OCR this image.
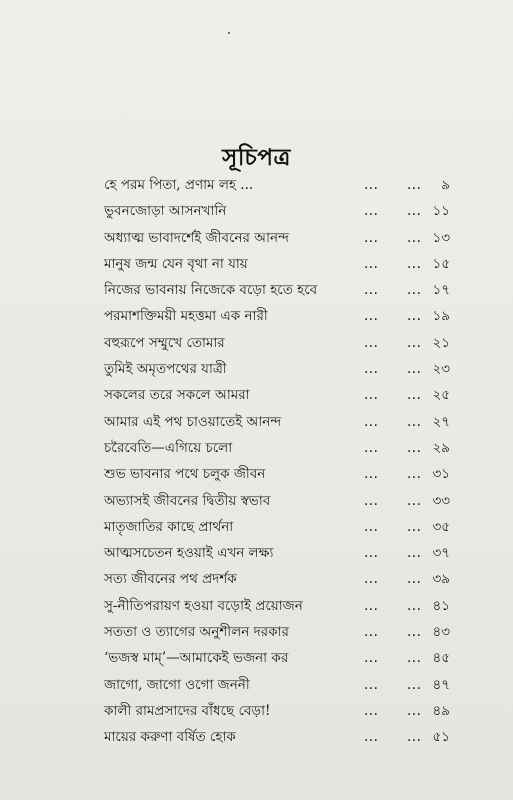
সূচিপত্র
হে পরম পিতা, প্রণাম লহ ...	... ...	৯
ভুবনজোড়া আসনখানি	... ... ১১
অধ্যাত্ম ভাবাদর্শেই জীবনের আনন্দ	... ... ১৩
মানুষ জন্ম যেন বৃথা না যায়	... ... ১৫
নিজের ভাবনায় নিজেকে বড়ো হতে হবে	... ... ১৭
পরমাশক্তিময়ী মহত্তমা এক নারী	... ... ১৯
বহুরূপে সম্মুখে তোমার	... ... ২১
তুমিই অমৃতপথের যাত্রী	... ... ২৩
সকলের তরে সকলে আমরা	... ... ২৫
আমার এই পথ চাওয়াতেই আনন্দ	... ... ২৭
চরৈবেতি—এগিয়ে চলো	... ... ২৯
শুভ ভাবনার পথে চলুক জীবন	... ... ৩১
অভ্যাসই জীবনের দ্বিতীয় স্বভাব	... ... ৩৩
মাতৃজাতির কাছে প্রার্থনা	... ... ৩৫
আত্মসচেতন হওয়াই এখন লক্ষ্য	... ... ৩৭
সত্য জীবনের পথ প্রদর্শক	... ... ৩৯
সু-নীতিপরায়ণ হওয়া বড়োই প্রয়োজন	... ... ৪১
সততা ও ত্যাগের অনুশীলন দরকার	... ... ৪৩
‘ভজস্ব মাম্’—আমাকেই ভজনা কর	... ... ৪৫
জাগো, জাগো ওগো জননী	... ... ৪৭
কালী রামপ্রসাদের বাঁধছে বেড়া!	... ... ৪৯
মায়ের করুণা বর্ষিত হোক	... ... ৫১
